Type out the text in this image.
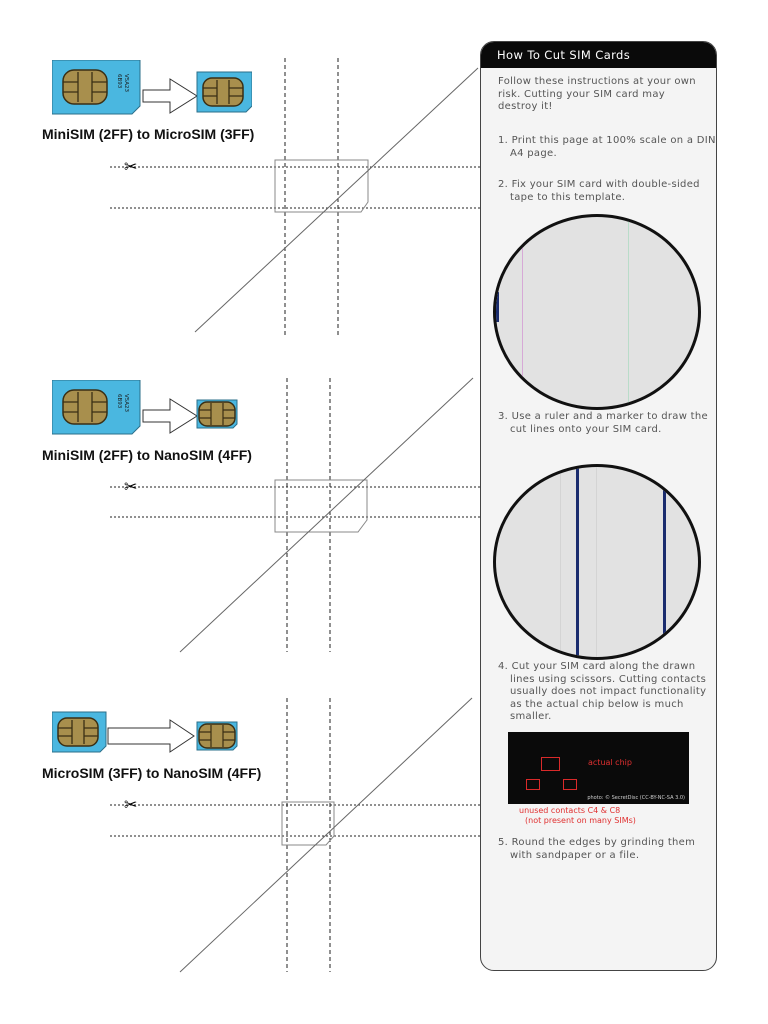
6B93 V5A23
MiniSIM (2FF) to MicroSIM (3FF)
✂
6B93 V5A23
MiniSIM (2FF) to NanoSIM (4FF)
✂
MicroSIM (3FF) to NanoSIM (4FF)
✂
How To Cut SIM Cards
Follow these instructions at your own risk. Cutting your SIM card may destroy it!
1. Print this page at 100% scale on a DIN A4 page.
2. Fix your SIM card with double-sided tape to this template.
3. Use a ruler and a marker to draw the cut lines onto your SIM card.
4. Cut your SIM card along the drawn lines using scissors. Cutting contacts usually does not impact functionality as the actual chip below is much smaller.
actual chip
photo: © SecretDisc (CC-BY-NC-SA 3.0)
unused contacts C4 & C8
(not present on many SIMs)
5. Round the edges by grinding them with sandpaper or a file.
